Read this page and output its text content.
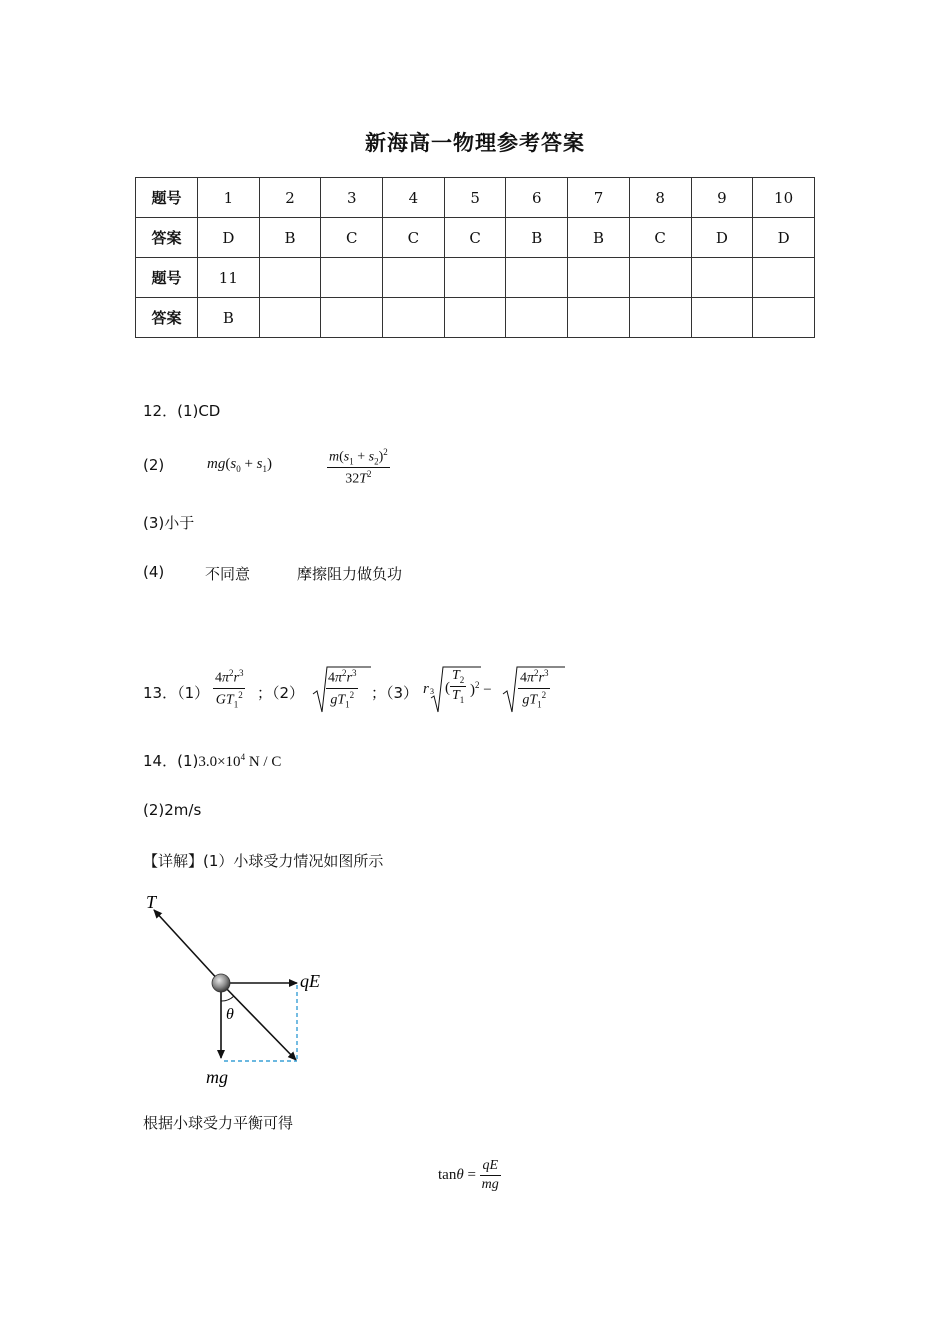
新海高一物理参考答案
题号	1	2	3	4	5	6	7	8	9	10
答案	D	B	C	C	C	B	B	C	D	D
题号	11									
答案	B									
12．(1)CD
(2)	$mg(s_0 + s_1)$	$\frac{m(s_1 + s_2)^2}{32T^2}$
(3)小于
(4)	不同意	摩擦阻力做负功
13．$(1) \frac{4\pi^2r^3}{GT_1^2}$ ；$(2) \frac{4\pi^2r^3}{gT_1^2}$ ；（3） r 3 ( $\frac{T_2}{T_1} )^2 - \frac{4\pi^2r^3}{gT_1^2}$
14．$(1)3.0\times 10^4$ N / C
(2)2m/s
【详解】(1）小球受力情况如图所示
T
qE
θ
mg
根据小球受力平衡可得
$\tan\theta = \frac{qE}{mg}$
